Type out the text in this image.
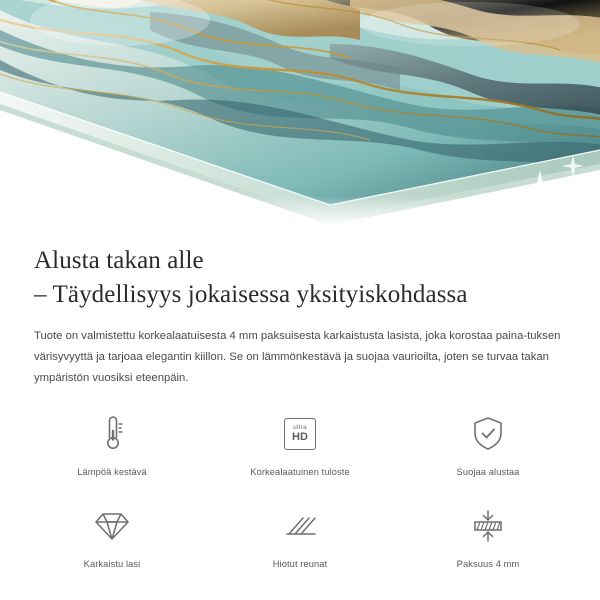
Alusta takan alle
– Täydellisyys jokaisessa yksityiskohdassa

Tuote on valmistettu korkealaatuisesta 4 mm paksuisesta karkaistusta lasista, joka korostaa paina-tuksen värisyvyyttä ja tarjoaa elegantin kiillon. Se on lämmönkestävä ja suojaa vaurioilta, joten se turvaa takan ympäristön vuosiksi eteenpäin.

Lämpöä kestävä
ultra
HD
Korkealaatuinen tuloste	Suojaa alustaa
Karkaistu lasi	Hiotut reunat	Paksuus 4 mm
